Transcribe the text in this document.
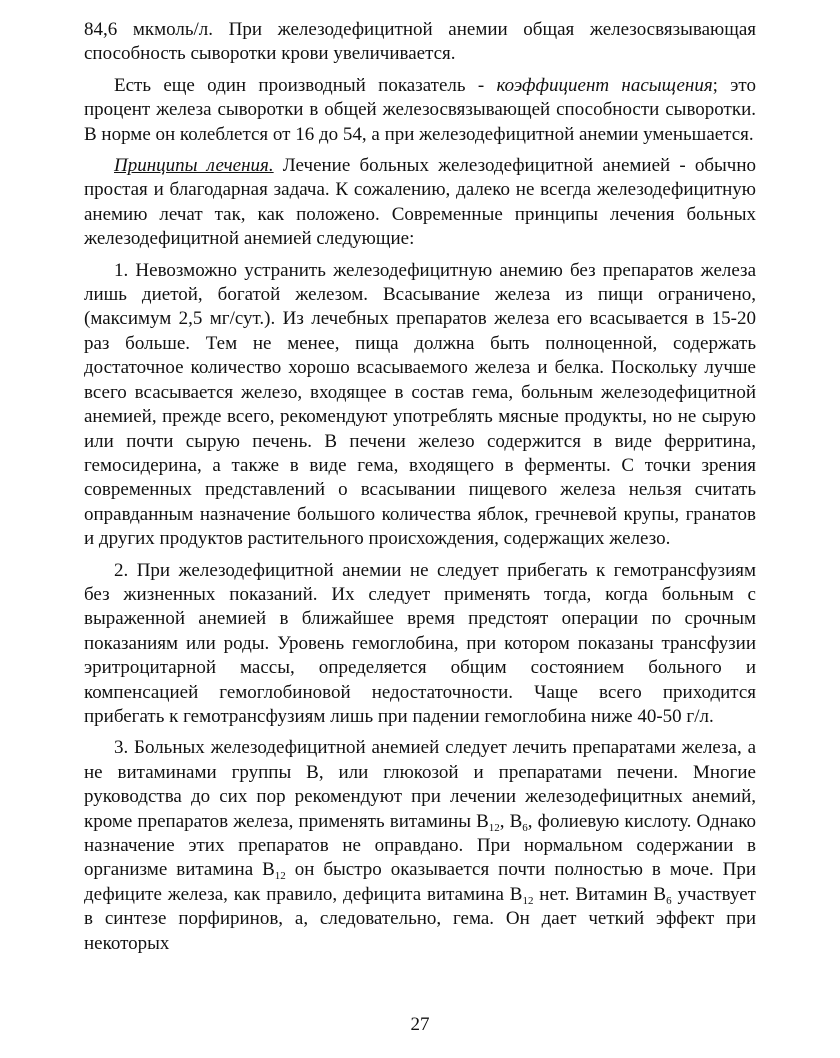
84,6 мкмоль/л. При железодефицитной анемии общая железосвязывающая способность сыворотки крови увеличивается.

Есть еще один производный показатель - коэффициент насыщения; это процент железа сыворотки в общей железосвязывающей способности сыворотки. В норме он колеблется от 16 до 54, а при железодефицитной анемии уменьшается.

Принципы лечения. Лечение больных железодефицитной анемией - обычно простая и благодарная задача. К сожалению, далеко не всегда железодефицитную анемию лечат так, как положено. Современные принципы лечения больных железодефицитной анемией следующие:

1. Невозможно устранить железодефицитную анемию без препаратов железа лишь диетой, богатой железом. Всасывание железа из пищи ограничено, (максимум 2,5 мг/сут.). Из лечебных препаратов железа его всасывается в 15-20 раз больше. Тем не менее, пища должна быть полноценной, содержать достаточное количество хорошо всасываемого железа и белка. Поскольку лучше всего всасывается железо, входящее в состав гема, больным железодефицитной анемией, прежде всего, рекомендуют употреблять мясные продукты, но не сырую или почти сырую печень. В печени железо содержится в виде ферритина, гемосидерина, а также в виде гема, входящего в ферменты. С точки зрения современных представлений о всасывании пищевого железа нельзя считать оправданным назначение большого количества яблок, гречневой крупы, гранатов и других продуктов растительного происхождения, содержащих железо.

2. При железодефицитной анемии не следует прибегать к гемотрансфузиям без жизненных показаний. Их следует применять тогда, когда больным с выраженной анемией в ближайшее время предстоят операции по срочным показаниям или роды. Уровень гемоглобина, при котором показаны трансфузии эритроцитарной массы, определяется общим состоянием больного и компенсацией гемоглобиновой недостаточности. Чаще всего приходится прибегать к гемотрансфузиям лишь при падении гемоглобина ниже 40-50 г/л.

3. Больных железодефицитной анемией следует лечить препаратами железа, а не витаминами группы В, или глюкозой и препаратами печени. Многие руководства до сих пор рекомендуют при лечении железодефицитных анемий, кроме препаратов железа, применять витамины $В_{12}$, $В_6$, фолиевую кислоту. Однако назначение этих препаратов не оправдано. При нормальном содержании в организме витамина $В_{12}$ он быстро оказывается почти полностью в моче. При дефиците железа, как правило, дефицита витамина $В_{12}$ нет. Витамин $В_6$ участвует в синтезе порфиринов, а, следовательно, гема. Он дает четкий эффект при некоторых

27
